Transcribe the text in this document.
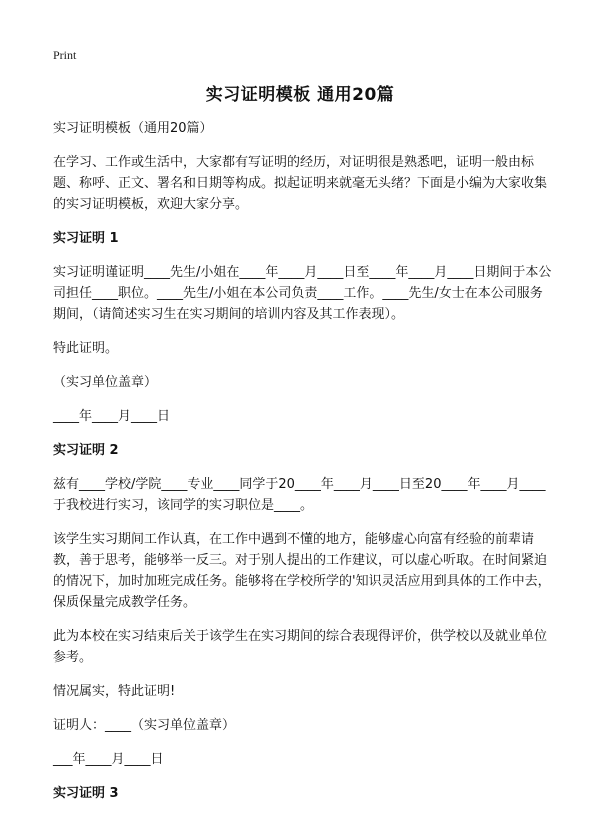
Print
实习证明模板 通用20篇

实习证明模板（通用20篇）

在学习、工作或生活中，大家都有写证明的经历，对证明很是熟悉吧，证明一般由标题、称呼、正文、署名和日期等构成。拟起证明来就毫无头绪？下面是小编为大家收集的实习证明模板，欢迎大家分享。

实习证明 1

实习证明谨证明____先生/小姐在____年____月____日至____年____月____日期间于本公司担任____职位。____先生/小姐在本公司负责____工作。____先生/女士在本公司服务期间，（请简述实习生在实习期间的培训内容及其工作表现）。

特此证明。

（实习单位盖章）

____年____月____日

实习证明 2

兹有____学校/学院____专业____同学于20____年____月____日至20____年____月____于我校进行实习，该同学的实习职位是____。

该学生实习期间工作认真，在工作中遇到不懂的地方，能够虚心向富有经验的前辈请教，善于思考，能够举一反三。对于别人提出的工作建议，可以虚心听取。在时间紧迫的情况下，加时加班完成任务。能够将在学校所学的'知识灵活应用到具体的工作中去，保质保量完成教学任务。

此为本校在实习结束后关于该学生在实习期间的综合表现得评价，供学校以及就业单位参考。

情况属实，特此证明!

证明人：____（实习单位盖章）

___年____月____日

实习证明 3
